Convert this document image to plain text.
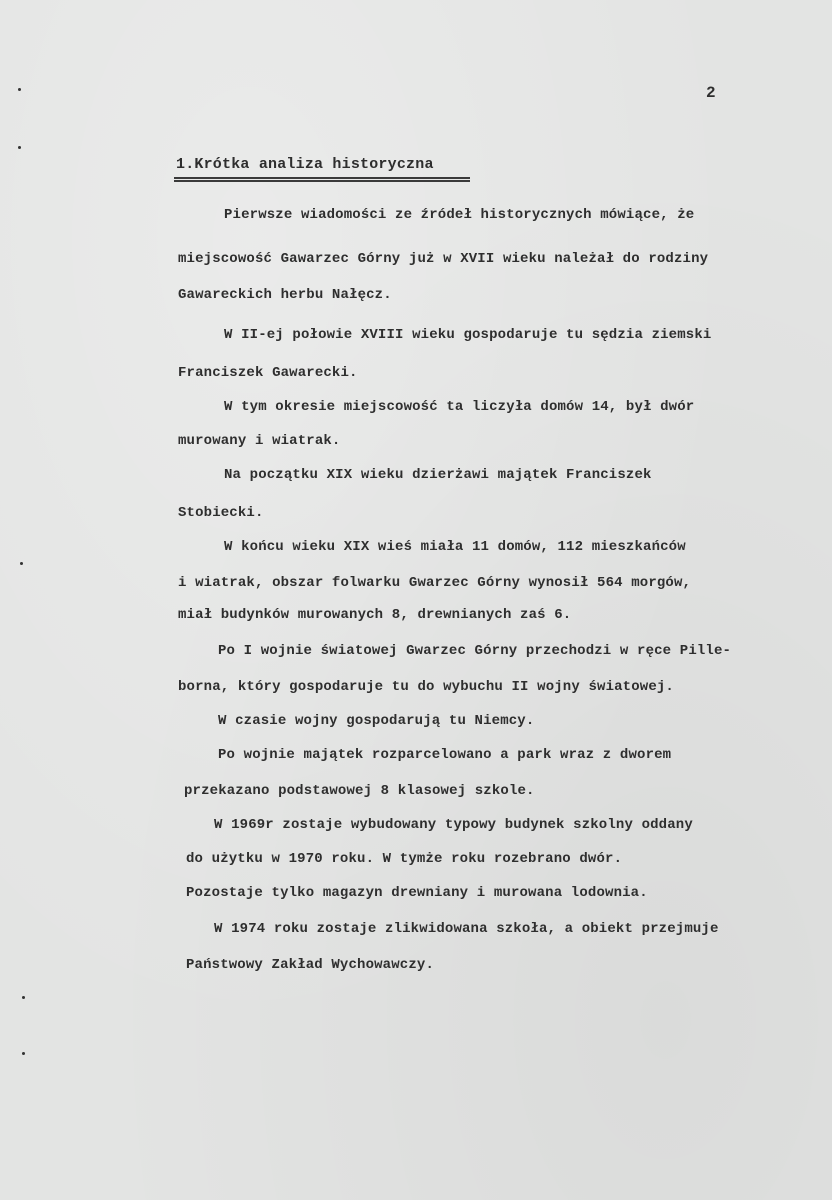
2
1.Krótka analiza historyczna
Pierwsze wiadomości ze źródeł historycznych mówiące, że
miejscowość Gawarzec Górny już w XVII wieku należał do rodziny
Gawareckich herbu Nałęcz.
W II-ej połowie XVIII wieku gospodaruje tu sędzia ziemski
Franciszek Gawarecki.
W tym okresie miejscowość ta liczyła domów 14, był dwór
murowany i wiatrak.
Na początku XIX wieku dzierżawi majątek Franciszek
Stobiecki.
W końcu wieku XIX wieś miała 11 domów, 112 mieszkańców
i wiatrak, obszar folwarku Gwarzec Górny wynosił 564 morgów,
miał budynków murowanych 8, drewnianych zaś 6.
Po I wojnie światowej Gwarzec Górny przechodzi w ręce Pille-
borna, który gospodaruje tu do wybuchu II wojny światowej.
W czasie wojny gospodarują tu Niemcy.
Po wojnie majątek rozparcelowano a park wraz z dworem
przekazano podstawowej 8 klasowej szkole.
W 1969r zostaje wybudowany typowy budynek szkolny oddany
do użytku w 1970 roku. W tymże roku rozebrano dwór.
Pozostaje tylko magazyn drewniany i murowana lodownia.
W 1974 roku zostaje zlikwidowana szkoła, a obiekt przejmuje
Państwowy Zakład Wychowawczy.
